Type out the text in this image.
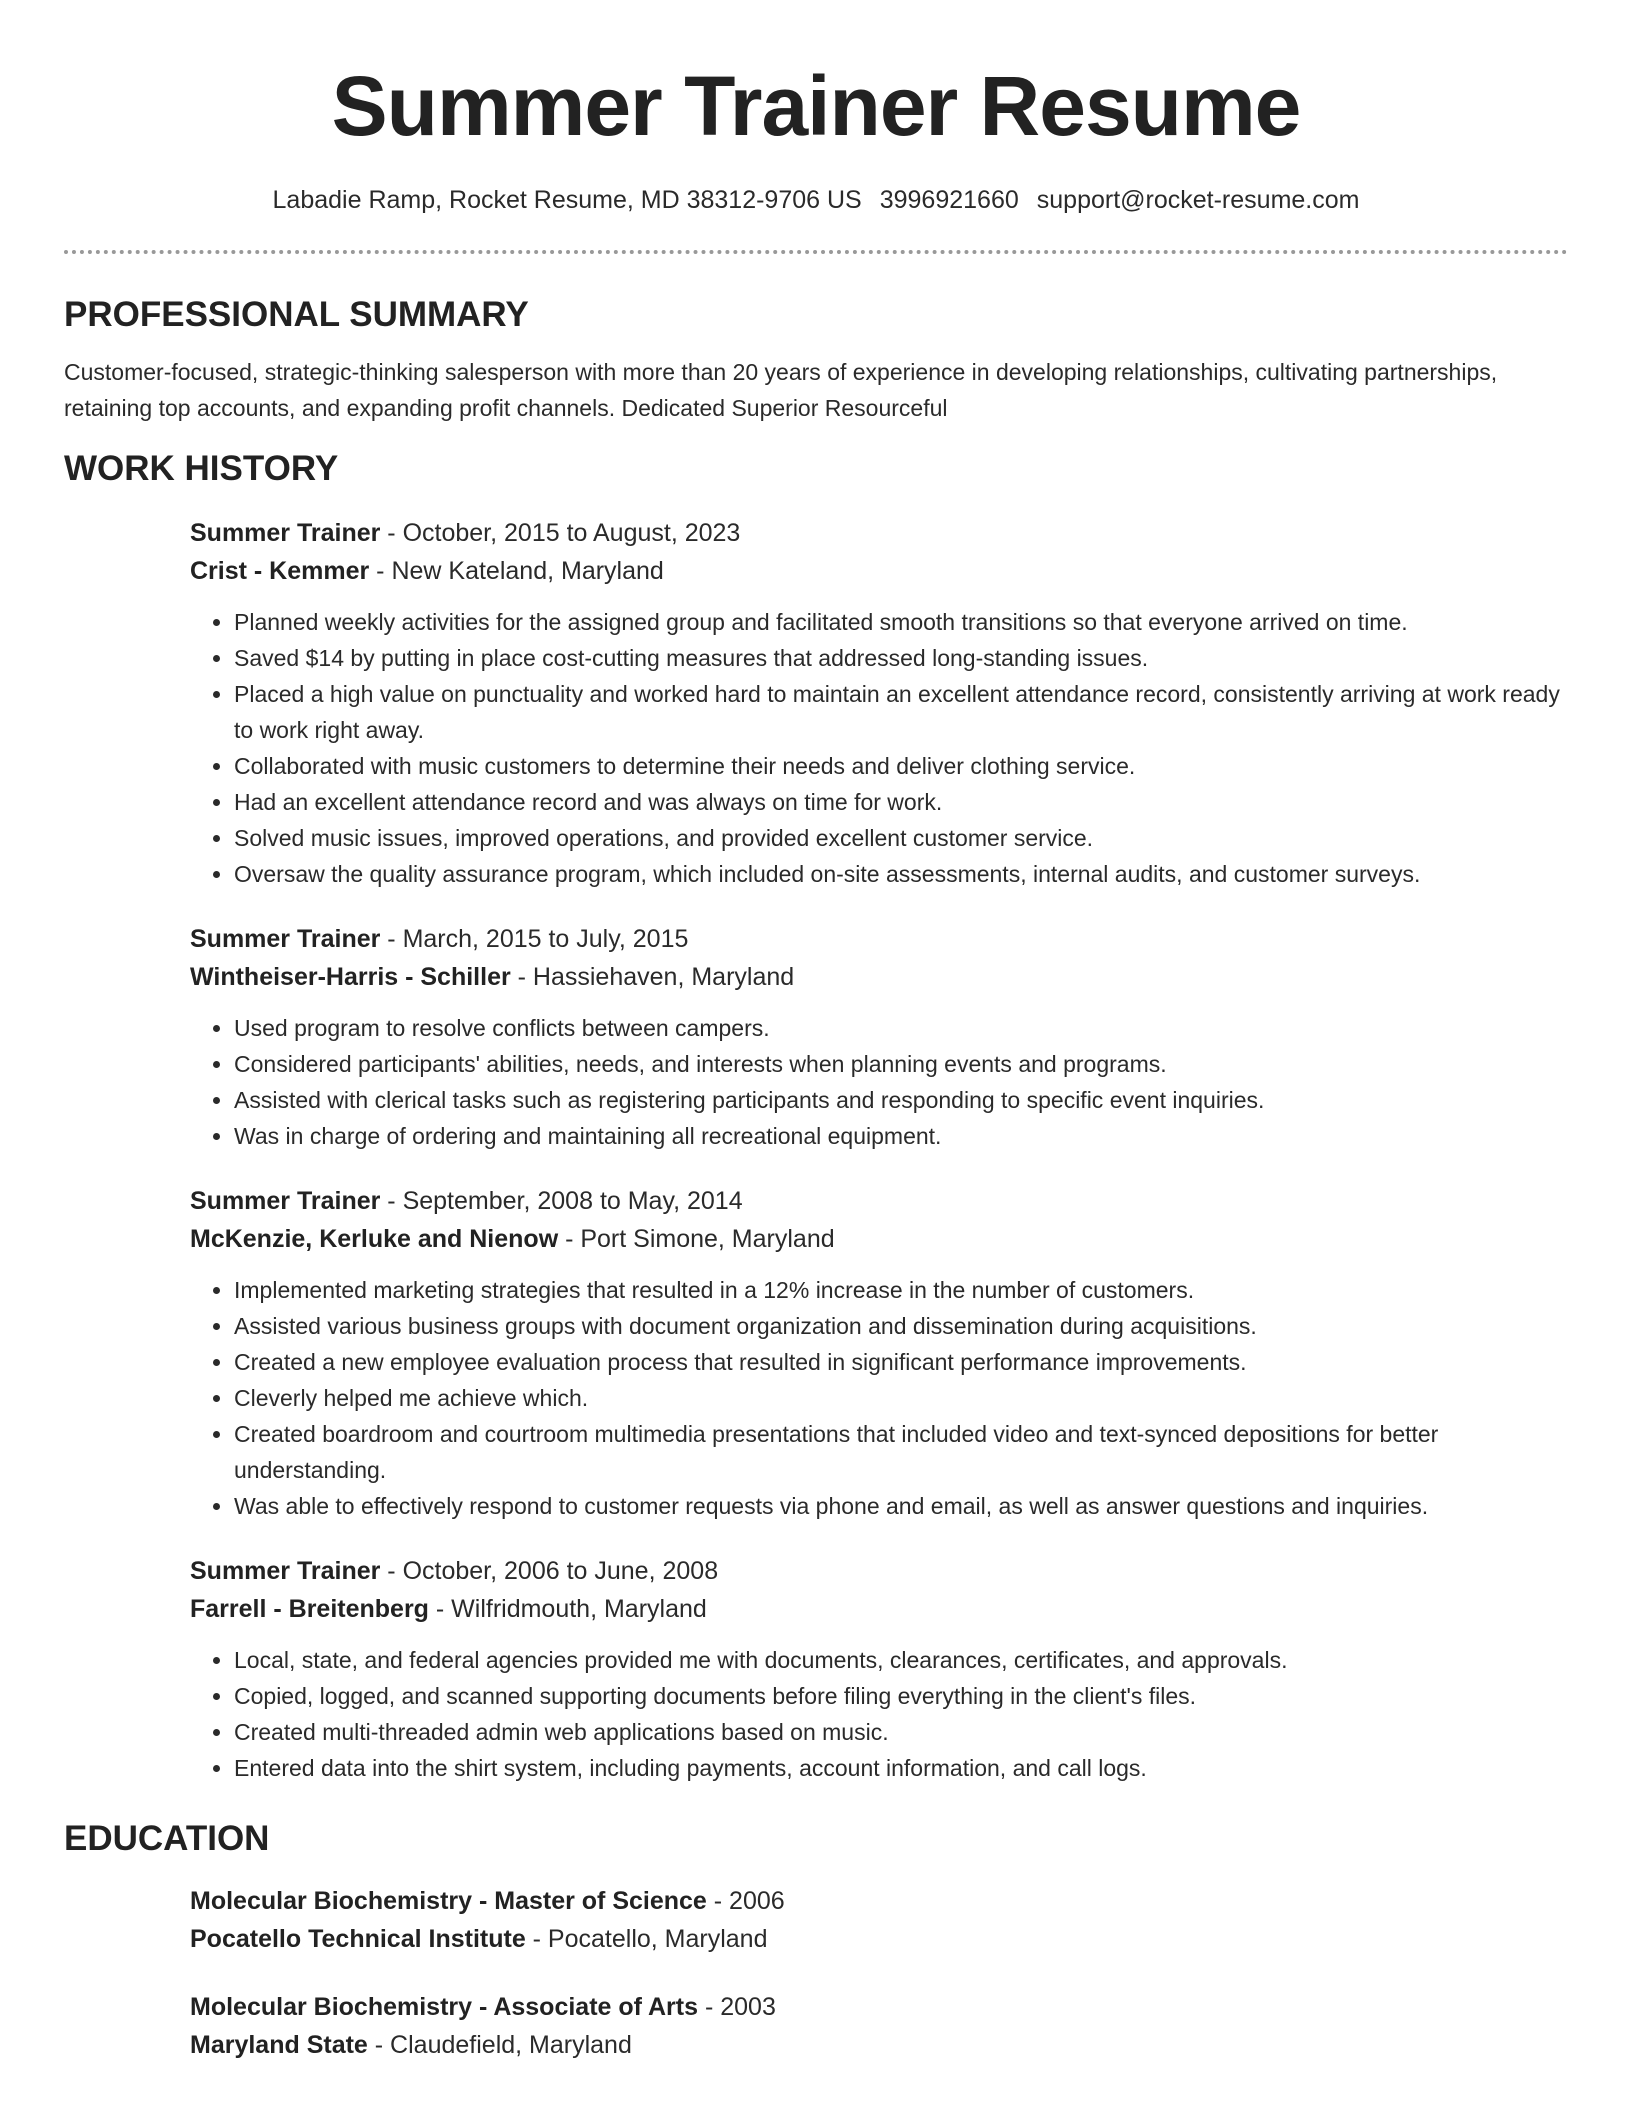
Summer Trainer Resume
Labadie Ramp, Rocket Resume, MD 38312-9706 US 3996921660 support@rocket-resume.com
PROFESSIONAL SUMMARY

Customer-focused, strategic-thinking salesperson with more than 20 years of experience in developing relationships, cultivating partnerships, retaining top accounts, and expanding profit channels. Dedicated Superior Resourceful

WORK HISTORY
Summer Trainer - October, 2015 to August, 2023
Crist - Kemmer - New Kateland, Maryland
• Planned weekly activities for the assigned group and facilitated smooth transitions so that everyone arrived on time.
• Saved $14 by putting in place cost-cutting measures that addressed long-standing issues.
• Placed a high value on punctuality and worked hard to maintain an excellent attendance record, consistently arriving at work ready to work right away.
• Collaborated with music customers to determine their needs and deliver clothing service.
• Had an excellent attendance record and was always on time for work.
• Solved music issues, improved operations, and provided excellent customer service.
• Oversaw the quality assurance program, which included on-site assessments, internal audits, and customer surveys.
Summer Trainer - March, 2015 to July, 2015
Wintheiser-Harris - Schiller - Hassiehaven, Maryland
• Used program to resolve conflicts between campers.
• Considered participants' abilities, needs, and interests when planning events and programs.
• Assisted with clerical tasks such as registering participants and responding to specific event inquiries.
• Was in charge of ordering and maintaining all recreational equipment.
Summer Trainer - September, 2008 to May, 2014
McKenzie, Kerluke and Nienow - Port Simone, Maryland
• Implemented marketing strategies that resulted in a 12% increase in the number of customers.
• Assisted various business groups with document organization and dissemination during acquisitions.
• Created a new employee evaluation process that resulted in significant performance improvements.
• Cleverly helped me achieve which.
• Created boardroom and courtroom multimedia presentations that included video and text-synced depositions for better understanding.
• Was able to effectively respond to customer requests via phone and email, as well as answer questions and inquiries.
Summer Trainer - October, 2006 to June, 2008
Farrell - Breitenberg - Wilfridmouth, Maryland
• Local, state, and federal agencies provided me with documents, clearances, certificates, and approvals.
• Copied, logged, and scanned supporting documents before filing everything in the client's files.
• Created multi-threaded admin web applications based on music.
• Entered data into the shirt system, including payments, account information, and call logs.
EDUCATION
Molecular Biochemistry - Master of Science - 2006
Pocatello Technical Institute - Pocatello, Maryland
Molecular Biochemistry - Associate of Arts - 2003
Maryland State - Claudefield, Maryland
